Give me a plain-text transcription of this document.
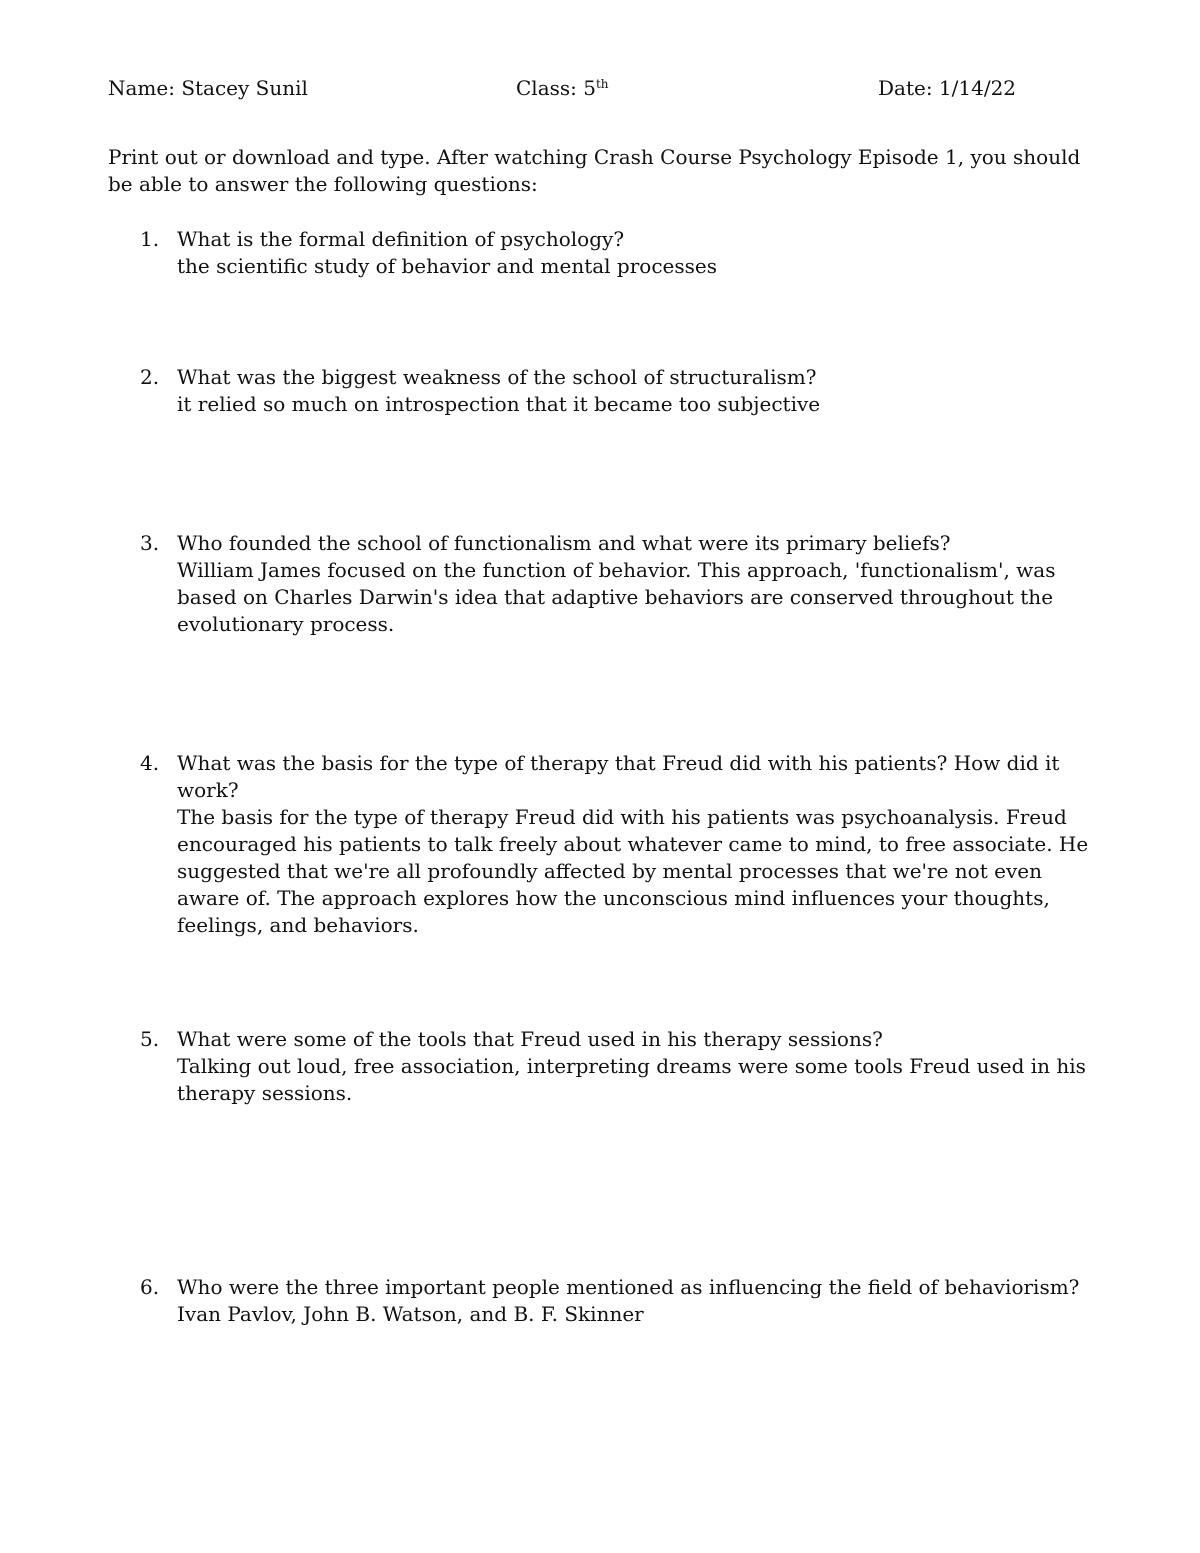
Name: Stacey Sunil	Class: 5th	Date: 1/14/22
Print out or download and type. After watching Crash Course Psychology Episode 1, you should be able to answer the following questions:
1. What is the formal definition of psychology?
the scientific study of behavior and mental processes
2. What was the biggest weakness of the school of structuralism?
it relied so much on introspection that it became too subjective
3. Who founded the school of functionalism and what were its primary beliefs?
William James focused on the function of behavior. This approach, 'functionalism', was based on Charles Darwin's idea that adaptive behaviors are conserved throughout the evolutionary process.
4. What was the basis for the type of therapy that Freud did with his patients? How did it work?
The basis for the type of therapy Freud did with his patients was psychoanalysis. Freud encouraged his patients to talk freely about whatever came to mind, to free associate. He suggested that we're all profoundly affected by mental processes that we're not even aware of. The approach explores how the unconscious mind influences your thoughts, feelings, and behaviors.
5. What were some of the tools that Freud used in his therapy sessions?
Talking out loud, free association, interpreting dreams were some tools Freud used in his therapy sessions.
6. Who were the three important people mentioned as influencing the field of behaviorism?
Ivan Pavlov, John B. Watson, and B. F. Skinner
